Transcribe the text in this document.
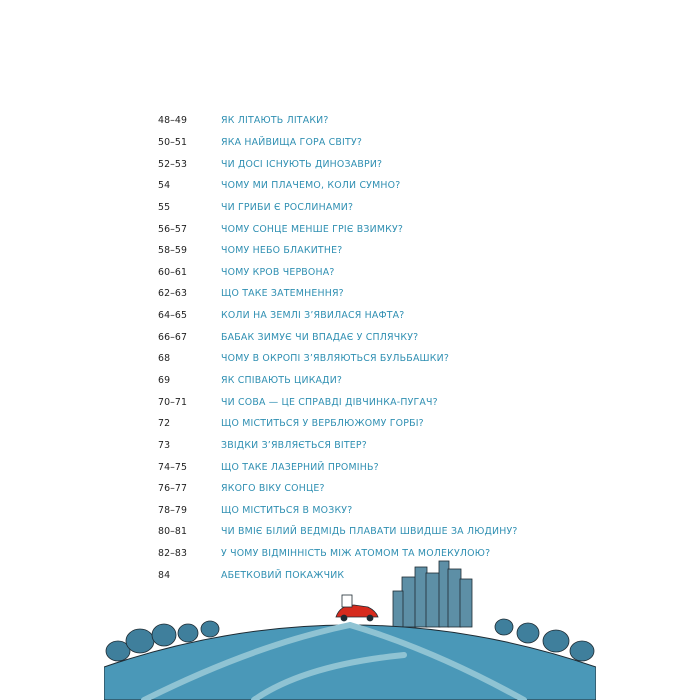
48–49	ЯК ЛІТАЮТЬ ЛІТАКИ?
50–51	ЯКА НАЙВИЩА ГОРА СВІТУ?
52–53	ЧИ ДОСІ ІСНУЮТЬ ДИНОЗАВРИ?
54	ЧОМУ МИ ПЛАЧЕМО, КОЛИ СУМНО?
55	ЧИ ГРИБИ Є РОСЛИНАМИ?
56–57	ЧОМУ СОНЦЕ МЕНШЕ ГРІЄ ВЗИМКУ?
58–59	ЧОМУ НЕБО БЛАКИТНЕ?
60–61	ЧОМУ КРОВ ЧЕРВОНА?
62–63	ЩО ТАКЕ ЗАТЕМНЕННЯ?
64–65	КОЛИ НА ЗЕМЛІ З’ЯВИЛАСЯ НАФТА?
66–67	БАБАК ЗИМУЄ ЧИ ВПАДАЄ У СПЛЯЧКУ?
68	ЧОМУ В ОКРОПІ З’ЯВЛЯЮТЬСЯ БУЛЬБАШКИ?
69	ЯК СПІВАЮТЬ ЦИКАДИ?
70–71	ЧИ СОВА — ЦЕ СПРАВДІ ДІВЧИНКА-ПУГАЧ?
72	ЩО МІСТИТЬСЯ У ВЕРБЛЮЖОМУ ГОРБІ?
73	ЗВІДКИ З’ЯВЛЯЄТЬСЯ ВІТЕР?
74–75	ЩО ТАКЕ ЛАЗЕРНИЙ ПРОМІНЬ?
76–77	ЯКОГО ВІКУ СОНЦЕ?
78–79	ЩО МІСТИТЬСЯ В МОЗКУ?
80–81	ЧИ ВМІЄ БІЛИЙ ВЕДМІДЬ ПЛАВАТИ ШВИДШЕ ЗА ЛЮДИНУ?
82–83	У ЧОМУ ВІДМІННІСТЬ МІЖ АТОМОМ ТА МОЛЕКУЛОЮ?
84	АБЕТКОВИЙ ПОКАЖЧИК
